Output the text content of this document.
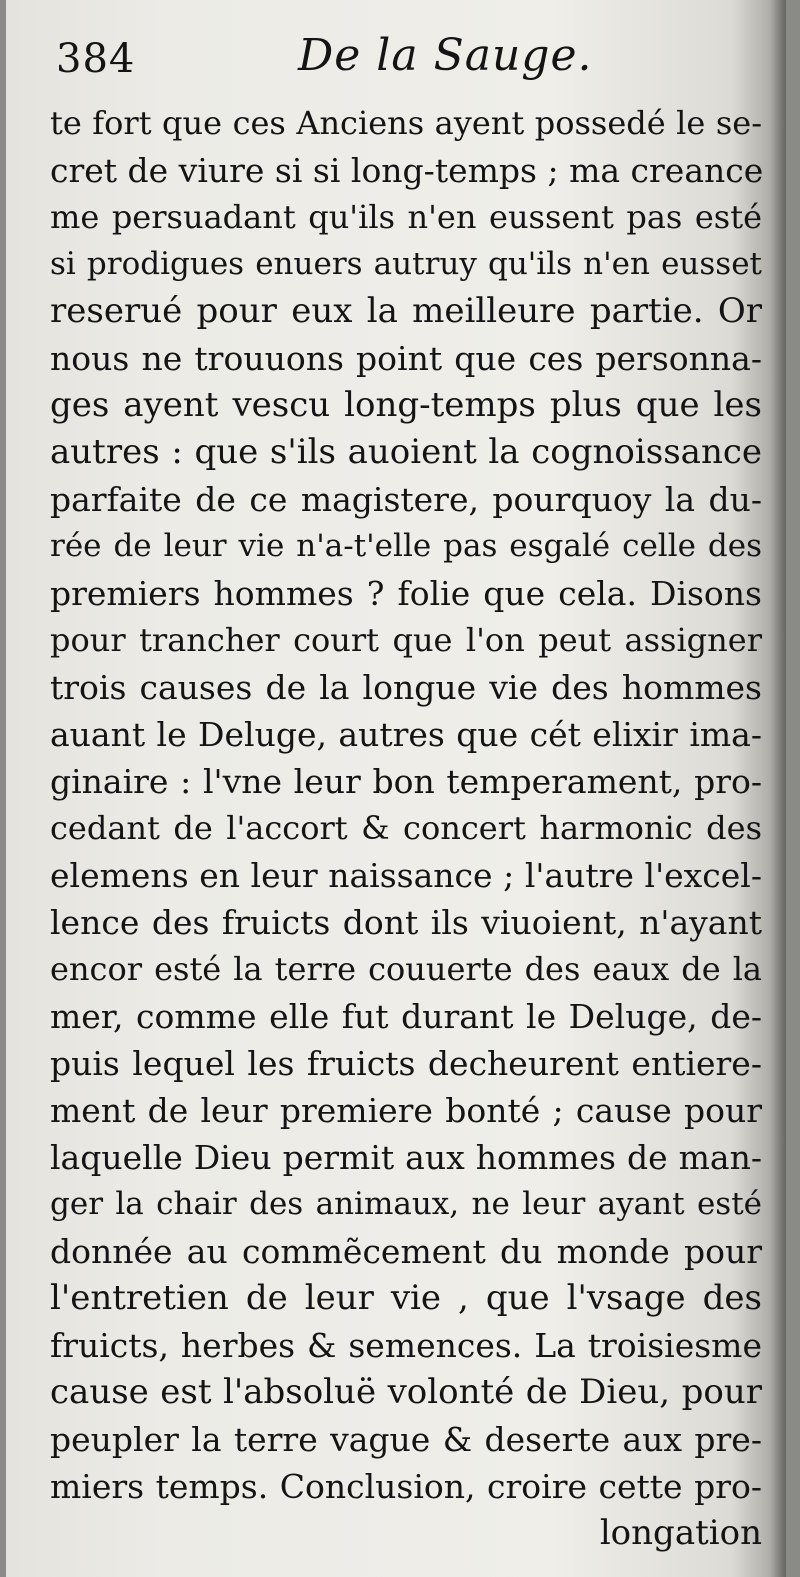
384	De la Sauge.
te fort que ces Anciens ayent possedé le se-
cret de viure si si long-temps ; ma creance
me persuadant qu'ils n'en eussent pas esté
si prodigues enuers autruy qu'ils n'en eusset
reserué pour eux la meilleure partie. Or
nous ne trouuons point que ces personna-
ges ayent vescu long-temps plus que les
autres : que s'ils auoient la cognoissance
parfaite de ce magistere, pourquoy la du-
rée de leur vie n'a-t'elle pas esgalé celle des
premiers hommes ? folie que cela. Disons
pour trancher court que l'on peut assigner
trois causes de la longue vie des hommes
auant le Deluge, autres que cét elixir ima-
ginaire : l'vne leur bon temperament, pro-
cedant de l'accort & concert harmonic des
elemens en leur naissance ; l'autre l'excel-
lence des fruicts dont ils viuoient, n'ayant
encor esté la terre couuerte des eaux de la
mer, comme elle fut durant le Deluge, de-
puis lequel les fruicts decheurent entiere-
ment de leur premiere bonté ; cause pour
laquelle Dieu permit aux hommes de man-
ger la chair des animaux, ne leur ayant esté
donnée au commẽcement du monde pour
l'entretien de leur vie , que l'vsage des
fruicts, herbes & semences. La troisiesme
cause est l'absoluë volonté de Dieu, pour
peupler la terre vague & deserte aux pre-
miers temps. Conclusion, croire cette pro-
longation
